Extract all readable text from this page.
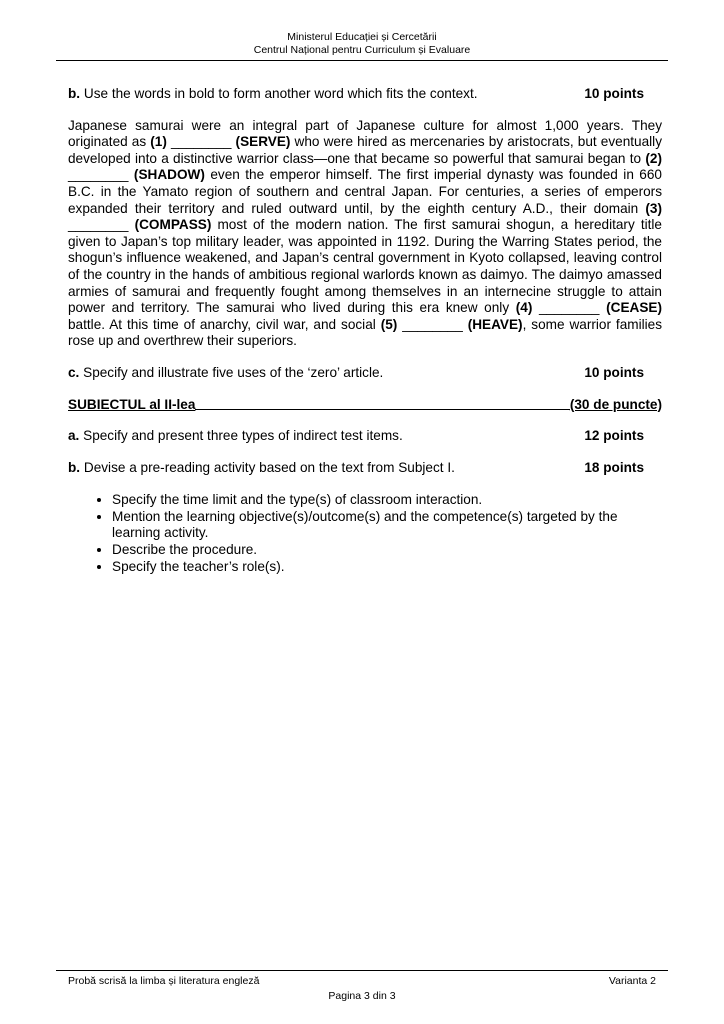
Ministerul Educației și Cercetării
Centrul Național pentru Curriculum și Evaluare
b. Use the words in bold to form another word which fits the context.	10 points
Japanese samurai were an integral part of Japanese culture for almost 1,000 years. They originated as (1) ________ (SERVE) who were hired as mercenaries by aristocrats, but eventually developed into a distinctive warrior class—one that became so powerful that samurai began to (2) ________ (SHADOW) even the emperor himself. The first imperial dynasty was founded in 660 B.C. in the Yamato region of southern and central Japan. For centuries, a series of emperors expanded their territory and ruled outward until, by the eighth century A.D., their domain (3) ________ (COMPASS) most of the modern nation. The first samurai shogun, a hereditary title given to Japan’s top military leader, was appointed in 1192. During the Warring States period, the shogun’s influence weakened, and Japan’s central government in Kyoto collapsed, leaving control of the country in the hands of ambitious regional warlords known as daimyo. The daimyo amassed armies of samurai and frequently fought among themselves in an internecine struggle to attain power and territory. The samurai who lived during this era knew only (4) ________ (CEASE) battle. At this time of anarchy, civil war, and social (5) ________ (HEAVE), some warrior families rose up and overthrew their superiors.
c. Specify and illustrate five uses of the ‘zero’ article.	10 points
SUBIECTUL al II-lea	(30 de puncte)
a. Specify and present three types of indirect test items.	12 points
b. Devise a pre-reading activity based on the text from Subject I.	18 points
• Specify the time limit and the type(s) of classroom interaction.
• Mention the learning objective(s)/outcome(s) and the competence(s) targeted by the learning activity.
• Describe the procedure.
• Specify the teacher’s role(s).
Probă scrisă la limba și literatura engleză	Varianta 2
Pagina 3 din 3
